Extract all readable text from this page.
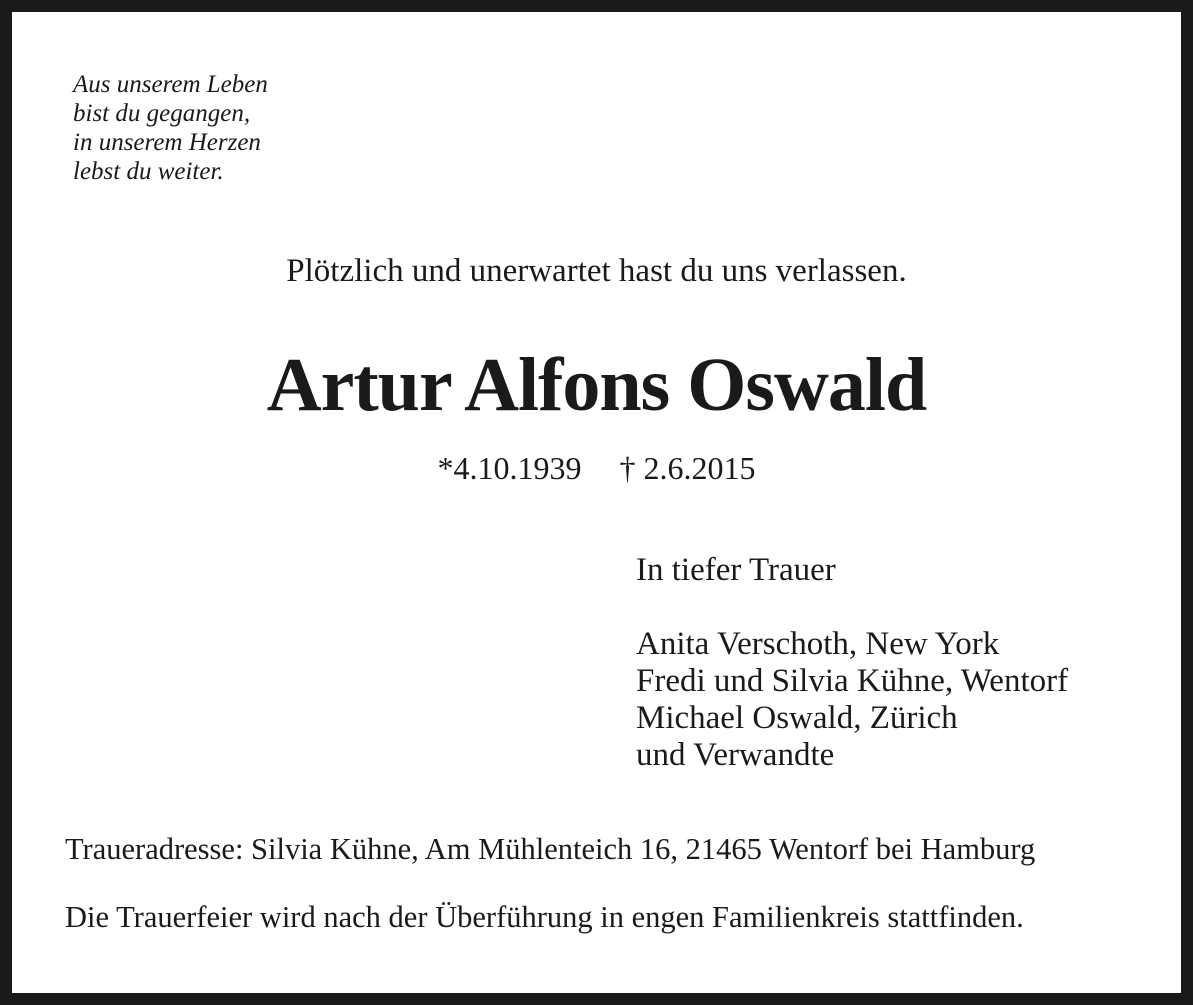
Aus unserem Leben
bist du gegangen,
in unserem Herzen
lebst du weiter.
Plötzlich und unerwartet hast du uns verlassen.
Artur Alfons Oswald
*4.10.1939 † 2.6.2015
In tiefer Trauer
Anita Verschoth, New York
Fredi und Silvia Kühne, Wentorf
Michael Oswald, Zürich
und Verwandte
Traueradresse: Silvia Kühne, Am Mühlenteich 16, 21465 Wentorf bei Hamburg
Die Trauerfeier wird nach der Überführung in engen Familienkreis stattfinden.
